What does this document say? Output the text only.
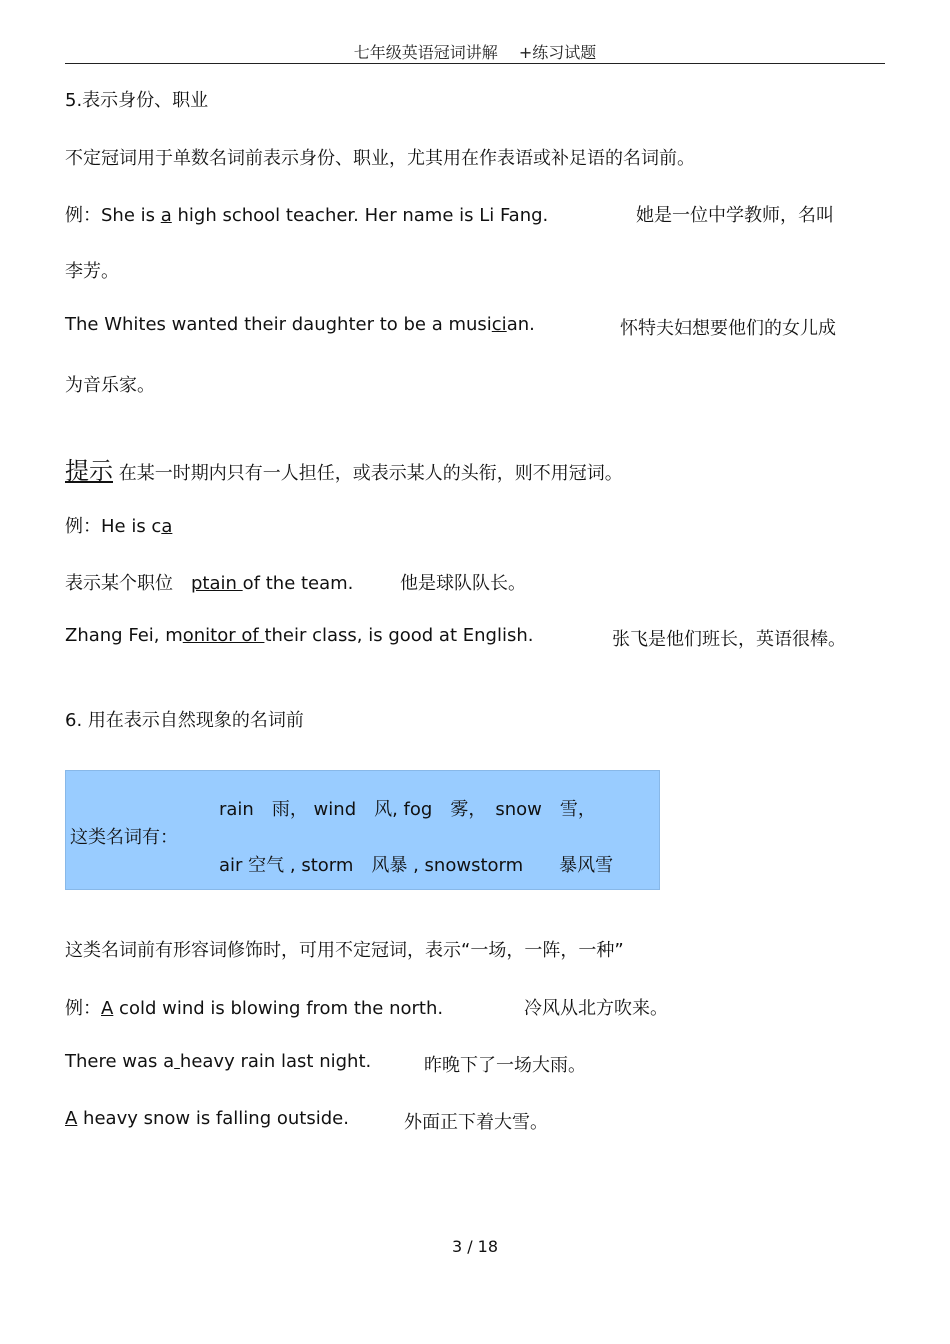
七年级英语冠词讲解　 +练习试题
5.表示身份、职业
不定冠词用于单数名词前表示身份、职业，尤其用在作表语或补足语的名词前。
例：She is a high school teacher. Her name is Li Fang.	她是一位中学教师，名叫
李芳。
The Whites wanted their daughter to be a musician.	怀特夫妇想要他们的女儿成
为音乐家。
提示 在某一时期内只有一人担任，或表示某人的头衔，则不用冠词。
例：He is ca
表示某个职位　 ptain of the team.	他是球队队长。
Zhang Fei, monitor of their class, is good at English.	张飞是他们班长，英语很棒。
6. 用在表示自然现象的名词前
这类名词有：
rain　雨， wind　风, fog　雾，　snow　雪，
air 空气 , storm　风暴 , snowstorm　　暴风雪
这类名词前有形容词修饰时，可用不定冠词，表示“一场，一阵，一种”
例：A cold wind is blowing from the north.	冷风从北方吹来。
There was a heavy rain last night.	昨晚下了一场大雨。
A heavy snow is falling outside.	外面正下着大雪。
3 / 18
